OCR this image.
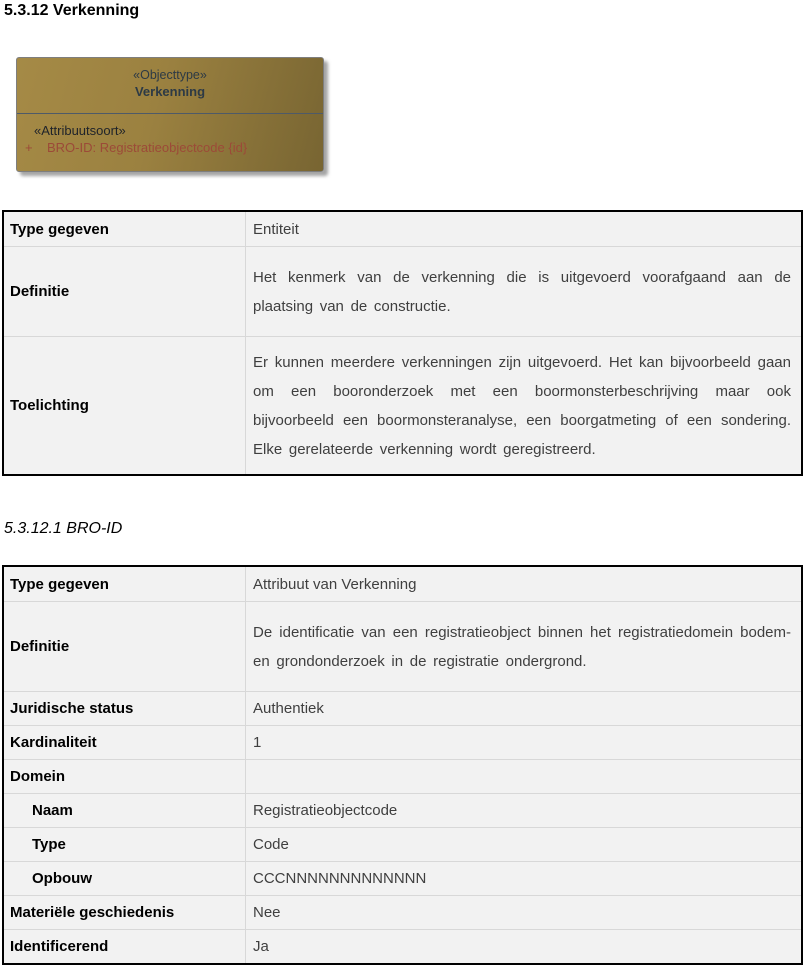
5.3.12 Verkenning
«Objecttype»
Verkenning
«Attribuutsoort»
+ BRO-ID: Registratieobjectcode {id}
Type gegeven	Entiteit
Definitie	Het kenmerk van de verkenning die is uitgevoerd voorafgaand aan de plaatsing van de constructie.
Toelichting	Er kunnen meerdere verkenningen zijn uitgevoerd. Het kan bijvoorbeeld gaan om een booronderzoek met een boormonsterbeschrijving maar ook bijvoorbeeld een boormonsteranalyse, een boorgatmeting of een sondering. Elke gerelateerde verkenning wordt geregistreerd.
5.3.12.1 BRO-ID
Type gegeven	Attribuut van Verkenning
Definitie	De identificatie van een registratieobject binnen het registratiedomein bodem- en grondonderzoek in de registratie ondergrond.
Juridische status	Authentiek
Kardinaliteit	1
Domein	
Naam	Registratieobjectcode
Type	Code
Opbouw	CCCNNNNNNNNNNNNN
Materiële geschiedenis	Nee
Identificerend	Ja
